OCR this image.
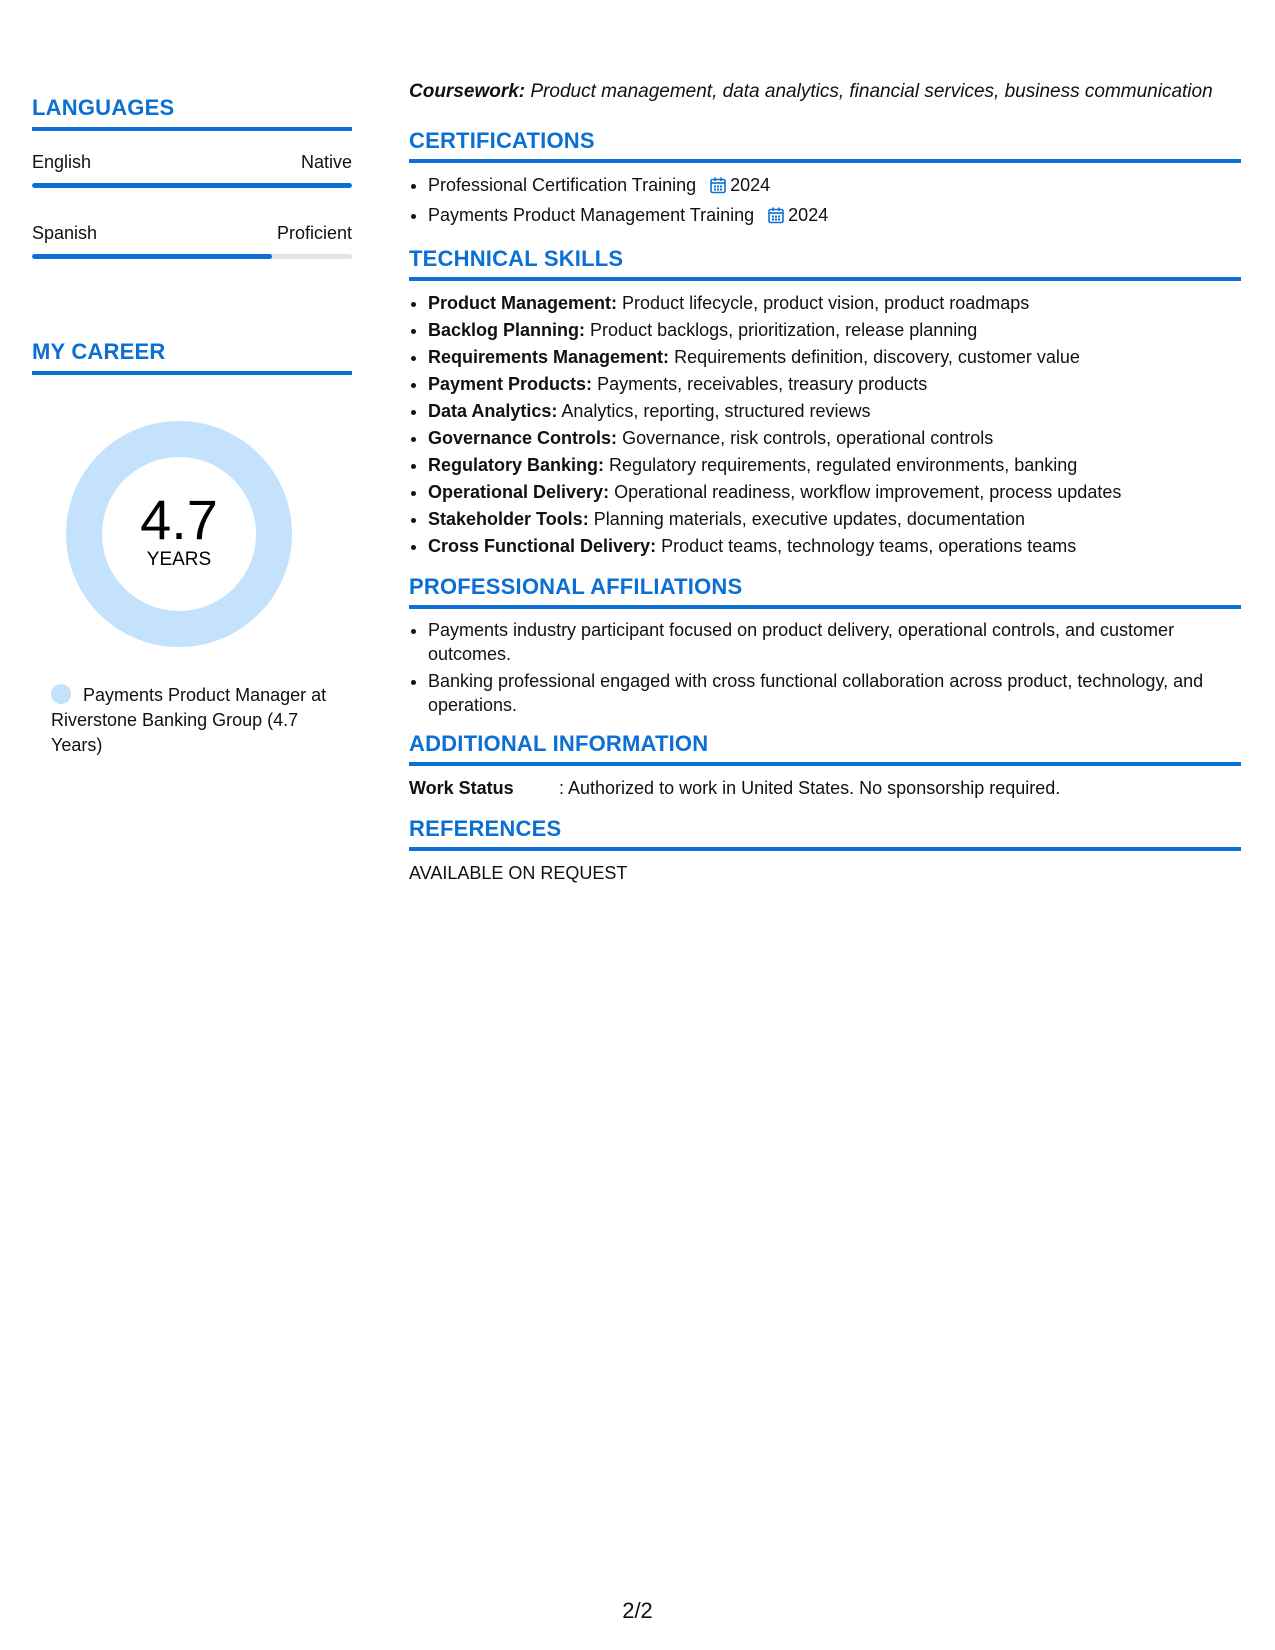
LANGUAGES
English	Native
Spanish	Proficient
MY CAREER
4.7
YEARS
Payments Product Manager at Riverstone Banking Group (4.7 Years)

Coursework: Product management, data analytics, financial services, business communication

CERTIFICATIONS
• Professional Certification Training 2024
• Payments Product Management Training 2024
TECHNICAL SKILLS
• Product Management: Product lifecycle, product vision, product roadmaps
• Backlog Planning: Product backlogs, prioritization, release planning
• Requirements Management: Requirements definition, discovery, customer value
• Payment Products: Payments, receivables, treasury products
• Data Analytics: Analytics, reporting, structured reviews
• Governance Controls: Governance, risk controls, operational controls
• Regulatory Banking: Regulatory requirements, regulated environments, banking
• Operational Delivery: Operational readiness, workflow improvement, process updates
• Stakeholder Tools: Planning materials, executive updates, documentation
• Cross Functional Delivery: Product teams, technology teams, operations teams
PROFESSIONAL AFFILIATIONS
• Payments industry participant focused on product delivery, operational controls, and customer outcomes.
• Banking professional engaged with cross functional collaboration across product, technology, and operations.
ADDITIONAL INFORMATION
Work Status	: Authorized to work in United States. No sponsorship required.
REFERENCES
AVAILABLE ON REQUEST
2/2
